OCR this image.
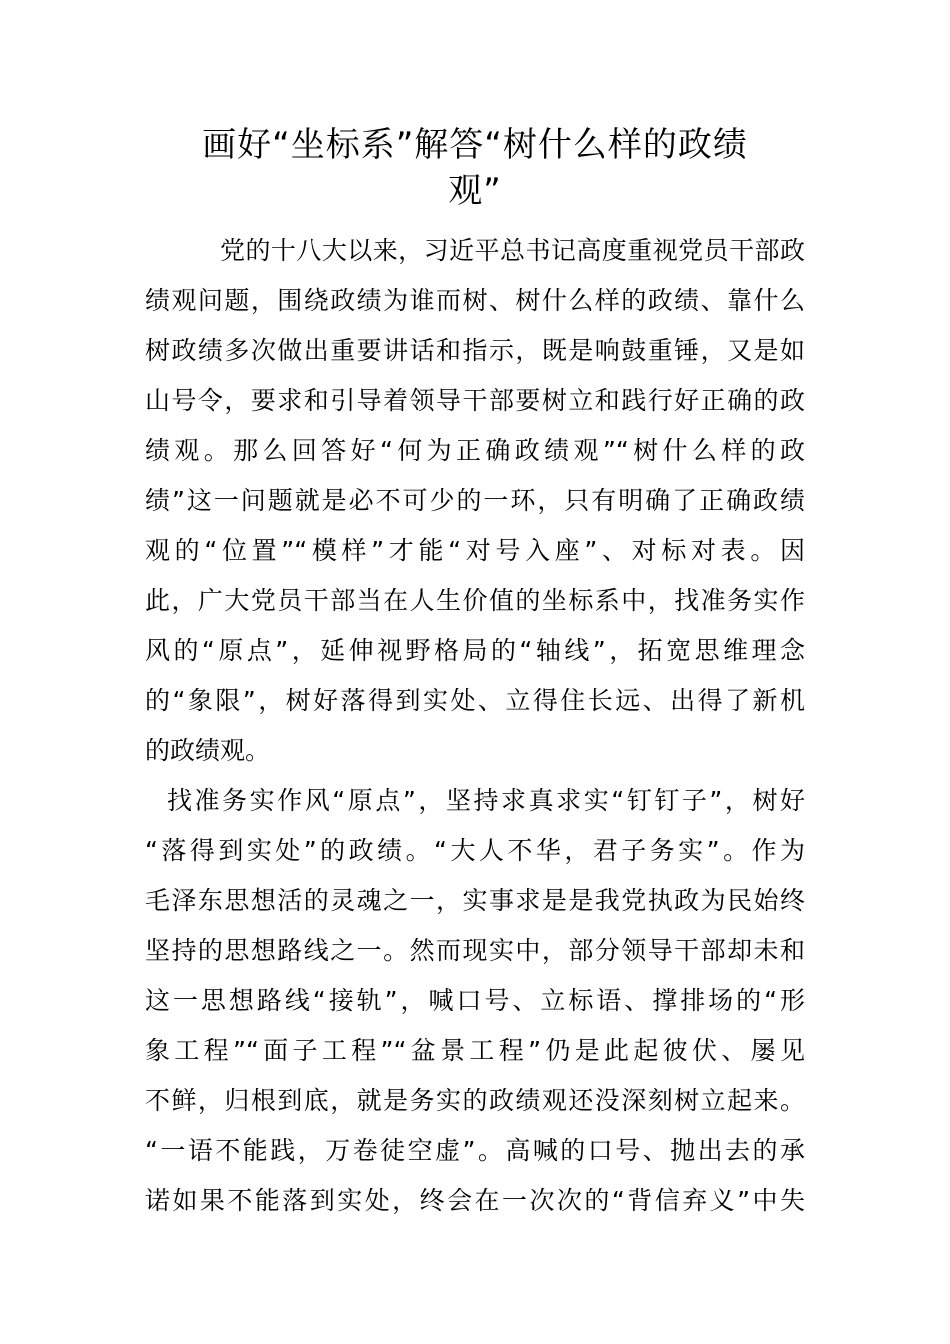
画好“坐标系”解答“树什么样的政绩
观”
党的十八大以来，习近平总书记高度重视党员干部政
绩观问题，围绕政绩为谁而树、树什么样的政绩、靠什么
树政绩多次做出重要讲话和指示，既是响鼓重锤，又是如
山号令，要求和引导着领导干部要树立和践行好正确的政
绩观。那么回答好“何为正确政绩观”“树什么样的政
绩”这一问题就是必不可少的一环，只有明确了正确政绩
观的“位置”“模样”才能“对号入座”、对标对表。因
此，广大党员干部当在人生价值的坐标系中，找准务实作
风的“原点”，延伸视野格局的“轴线”，拓宽思维理念
的“象限”，树好落得到实处、立得住长远、出得了新机
的政绩观。
找准务实作风“原点”，坚持求真求实“钉钉子”，树好
“落得到实处”的政绩。“大人不华，君子务实”。作为
毛泽东思想活的灵魂之一，实事求是是我党执政为民始终
坚持的思想路线之一。然而现实中，部分领导干部却未和
这一思想路线“接轨”，喊口号、立标语、撑排场的“形
象工程”“面子工程”“盆景工程”仍是此起彼伏、屡见
不鲜，归根到底，就是务实的政绩观还没深刻树立起来。
“一语不能践，万卷徒空虚”。高喊的口号、抛出去的承
诺如果不能落到实处，终会在一次次的“背信弃义”中失
